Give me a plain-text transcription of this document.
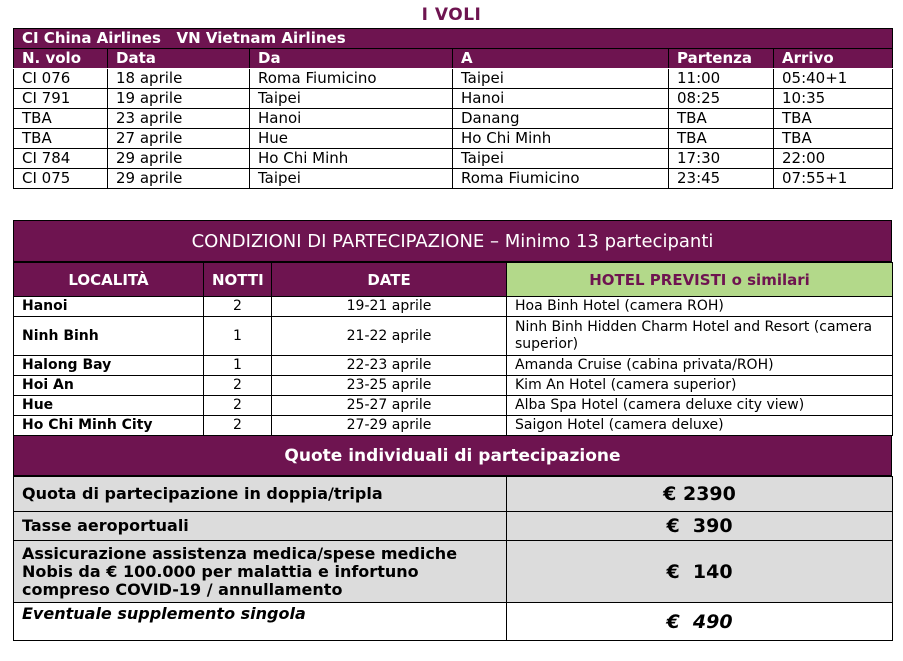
I VOLI
CI China Airlines   VN Vietnam Airlines					
N. volo	Data	Da	A	Partenza	Arrivo
CI 076	18 aprile	Roma Fiumicino	Taipei	11:00	05:40+1
CI 791	19 aprile	Taipei	Hanoi	08:25	10:35
TBA	23 aprile	Hanoi	Danang	TBA	TBA
TBA	27 aprile	Hue	Ho Chi Minh	TBA	TBA
CI 784	29 aprile	Ho Chi Minh	Taipei	17:30	22:00
CI 075	29 aprile	Taipei	Roma Fiumicino	23:45	07:55+1
CONDIZIONI DI PARTECIPAZIONE – Minimo 13 partecipanti
LOCALITÀ	NOTTI	DATE	HOTEL PREVISTI o similari
Hanoi	2	19-21 aprile	Hoa Binh Hotel (camera ROH)
Ninh Binh	1	21-22 aprile	Ninh Binh Hidden Charm Hotel and Resort (camera superior)
Halong Bay	1	22-23 aprile	Amanda Cruise (cabina privata/ROH)
Hoi An	2	23-25 aprile	Kim An Hotel (camera superior)
Hue	2	25-27 aprile	Alba Spa Hotel (camera deluxe city view)
Ho Chi Minh City	2	27-29 aprile	Saigon Hotel (camera deluxe)
Quote individuali di partecipazione
Quota di partecipazione in doppia/tripla	€ 2390
Tasse aeroportuali	€  390
Assicurazione assistenza medica/spese mediche Nobis da € 100.000 per malattia e infortuno compreso COVID-19 / annullamento	€  140
Eventuale supplemento singola	€  490
